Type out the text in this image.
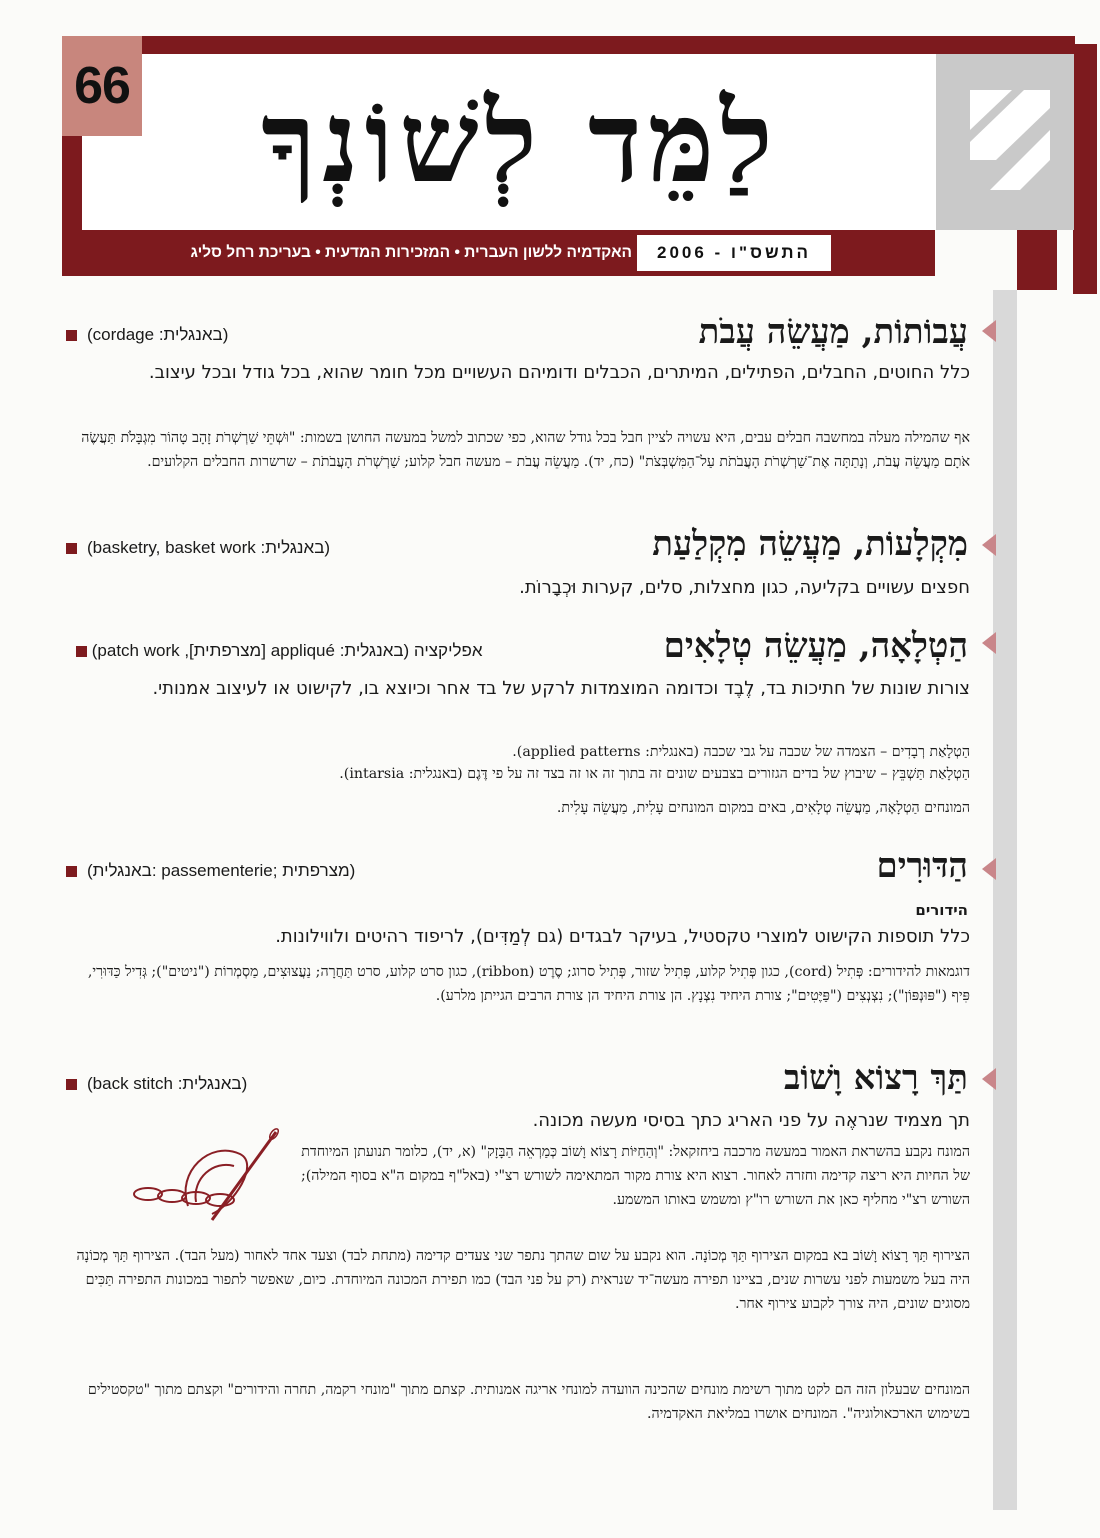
66	לַמֵּד לְשׁוֹנְךָ
האקדמיה ללשון העברית • המזכירות המדעית • בעריכת רחל סליג	התשס"ו - 2006
עֲבוֹתוֹת, מַעֲשֵׂה עֲבֹת
(cordage :באנגלית)
כלל החוטים, החבלים, הפתילים, המיתרים, הכבלים ודומיהם העשויים מכל חומר שהוא, בכל גודל ובכל עיצוב.
אף שהמילה מעלה במחשבה חבלים עבים, היא עשויה לציין חבל בכל גודל שהוא, כפי שכתוב למשל במעשה החושן בשמות: "וּשְׁתֵּי שַׁרְשְׁרֹת זָהָב טָהוֹר מִגְבָּלֹת תַּעֲשֶׂה אֹתָם מַעֲשֵׂה עֲבֹת, וְנָתַתָּה אֶת־שַׁרְשְׁרֹת הָעֲבֹתֹת עַל־הַמִּשְׁבְּצֹת" (כח, יד). מַעֲשֵׂה עֲבֹת – מעשה חבל קלוע; שַׁרְשְׁרֹת הָעֲבֹתֹת – שרשרות החבלים הקלועים.
מִקְלָעוֹת, מַעֲשֵׂה מִקְלַעַת
(basketry, basket work :באנגלית)
חפצים עשויים בקליעה, כגון מחצלות, סלים, קערות וּכְבָרוֹת.
הַטְלָאָה, מַעֲשֵׂה טְלָאִים
אפליקציה (באנגלית: appliqué [מצרפתית], patch work)
צורות שונות של חתיכות בד, לֶבֶד וכדומה המוצמדות לרקע של בד אחר וכיוצא בו, לקישוט או לעיצוב אמנותי.
הַטְלָאַת רְבָדִים – הצמדה של שכבה על גבי שכבה (באנגלית: applied patterns).
הַטְלָאַת תַּשְׁבֵּץ – שיבוץ של בדים הגזורים בצבעים שונים זה בתוך זה או זה בצד זה על פי דֶּגֶם (באנגלית: intarsia).
המונחים הַטְלָאָה, מַעֲשֵׂה טְלָאִים, באים במקום המונחים עָלִית, מַעֲשֵׂה עָלִית.
הַדּוּרִים
(באנגלית: passementerie; מצרפתית)
הידורים
כלל תוספות הקישוט למוצרי טקסטיל, בעיקר לבגדים (גם לְמַדִּים), לריפוד רהיטים ולווילונות.
דוגמאות להידורים: פְּתִיל (cord), כגון פְּתִיל קלוע, פְּתִיל שזור, פְּתִיל סרוג; סֶרֶט (ribbon), כגון סרט קלוע, סרט תַּחֲרָה; נַעֲצוּצִים, מַסְמְרוֹת ("ניטים"); גְּדִיל כַּדּוּרִי, פִּיף ("פּוּנְפּוֹן"); נִצְנְצִים ("פַּיֶּטִים"; צורת היחיד נִצְנָץ. הן צורת היחיד הן צורת הרבים הגייתן מלרע).
תַּךְ רָצוֹא וָשׁוֹב
(back stitch :באנגלית)
תך מצמיד שנראֶה על פני האריג כתך בסיסי מעשה מכונה.
המונח נקבע בהשראת האמור במעשה מרכבה ביחזקאל: "וְהַחַיּוֹת רָצוֹא וָשׁוֹב כְּמַרְאֵה הַבָּזָק" (א, יד), כלומר תנועתן המיוחדת של החיות היא ריצה קדימה וחזרה לאחור. רצוא היא צורת מקור המתאימה לשורש רצ"י (באל"ף במקום ה"א בסוף המילה); השורש רצ"י מחליף כאן את השורש רו"ץ ומשמש באותו המשמע.
הצירוף תַּךְ רָצוֹא וָשׁוֹב בא במקום הצירוף תַּךְ מְכוֹנָה. הוא נקבע על שום שהתך נתפר שני צעדים קדימה (מתחת לבד) וצעד אחד לאחור (מעל הבד). הצירוף תַּךְ מְכוֹנָה היה בעל משמעות לפני עשרות שנים, בציינו תפירה מעשה־יד שנראית (רק על פני הבד) כמו תפירת המכונה המיוחדת. כיום, שאפשר לתפור במכונות התפירה תַּכִּים מסוגים שונים, היה צורך לקבוע צירוף אחר.
המונחים שבעלון הזה הם לקט מתוך רשימת מונחים שהכינה הוועדה למונחי אריגה אמנותית. קצתם מתוך "מונחי רקמה, תחרה והידורים" וקצתם מתוך "טקסטילים בשימוש הארכאולוגיה". המונחים אושרו במליאת האקדמיה.
